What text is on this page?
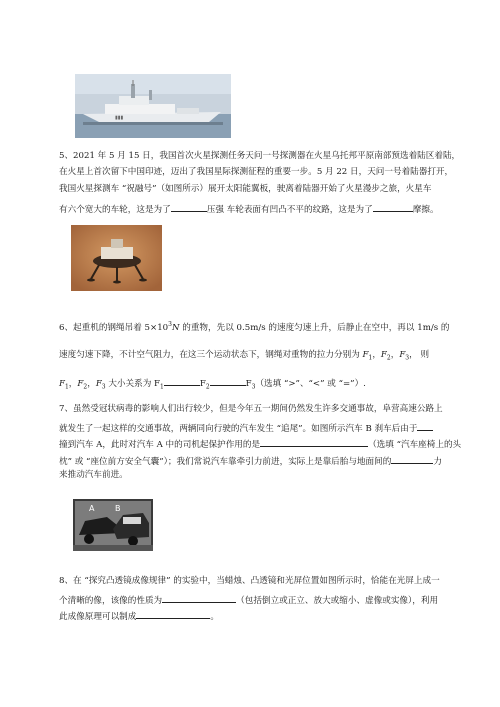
▮▮▮
5、2021 年 5 月 15 日，我国首次火星探测任务天问一号探测器在火星乌托邦平原南部预选着陆区着陆，
在火星上首次留下中国印迹，迈出了我国星际探测征程的重要一步。5 月 22 日，天问一号着陆器打开，
我国火星探测车 “祝融号”（如图所示）展开太阳能翼板，驶离着陆器开始了火星漫步之旅，火星车
有六个宽大的车轮，这是为了	压强 车轮表面有凹凸不平的纹路，这是为了	摩擦。
6、起重机的钢绳吊着 $5\times 10^3N$ 的重物，先以 0.5m/s 的速度匀速上升，后静止在空中，再以 1m/s 的
速度匀速下降，不计空气阻力，在这三个运动状态下，钢绳对重物的拉力分别为 $F_1$，$F_2$，$F_3$， 则
$F_1$，$F_2$，$F_3$ 大小关系为 $F_1$	$F_2$	$F_3$（选填 “>”、“<” 或 “=”）.
7、虽然受冠状病毒的影响人们出行较少，但是今年五一期间仍然发生许多交通事故，阜营高速公路上
就发生了一起这样的交通事故，两辆同向行驶的汽车发生 “追尾”。如图所示汽车 B 刹车后由于
撞到汽车 A，此时对汽车 A 中的司机起保护作用的是	（选填 “汽车座椅上的头
枕” 或 “座位前方安全气囊”）；我们常说汽车靠牵引力前进，实际上是靠后胎与地面间的	力
来推动汽车前进。
A	B
8、在 “探究凸透镜成像规律” 的实验中，当蜡烛、凸透镜和光屏位置如图所示时，恰能在光屏上成一
个清晰的像，该像的性质为	（包括倒立或正立、放大或缩小、虚像或实像），利用
此成像原理可以制成	。
